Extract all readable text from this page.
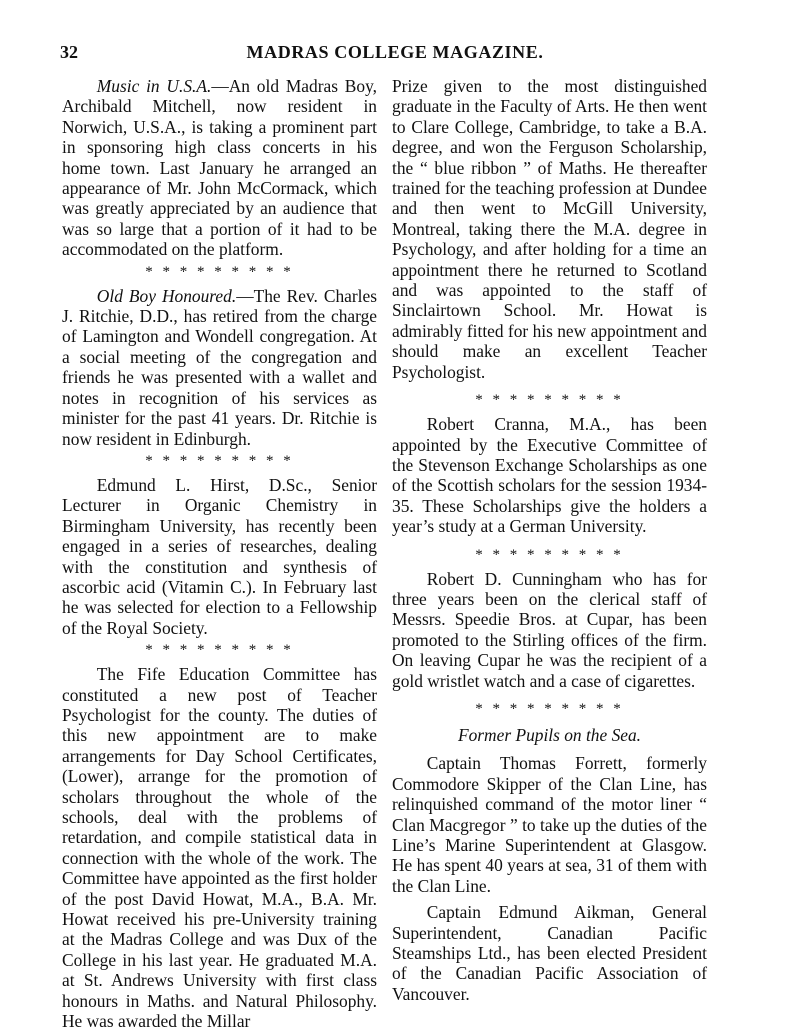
32	MADRAS COLLEGE MAGAZINE.

Music in U.S.A.—An old Madras Boy, Archibald Mitchell, now resident in Norwich, U.S.A., is taking a prominent part in sponsoring high class concerts in his home town. Last January he arranged an appearance of Mr. John McCormack, which was greatly appreciated by an audience that was so large that a portion of it had to be accommodated on the platform.

* * * * * * * * *

Old Boy Honoured.—The Rev. Charles J. Ritchie, D.D., has retired from the charge of Lamington and Wondell congregation. At a social meeting of the congregation and friends he was presented with a wallet and notes in recognition of his services as minister for the past 41 years. Dr. Ritchie is now resident in Edinburgh.

* * * * * * * * *

Edmund L. Hirst, D.Sc., Senior Lecturer in Organic Chemistry in Birmingham University, has recently been engaged in a series of researches, dealing with the constitution and synthesis of ascorbic acid (Vitamin C.). In February last he was selected for election to a Fellowship of the Royal Society.

* * * * * * * * *

The Fife Education Committee has constituted a new post of Teacher Psychologist for the county. The duties of this new appointment are to make arrangements for Day School Certificates, (Lower), arrange for the promotion of scholars throughout the whole of the schools, deal with the problems of retardation, and compile statistical data in connection with the whole of the work. The Committee have appointed as the first holder of the post David Howat, M.A., B.A. Mr. Howat received his pre-University training at the Madras College and was Dux of the College in his last year. He graduated M.A. at St. Andrews University with first class honours in Maths. and Natural Philosophy. He was awarded the Millar

Prize given to the most distinguished graduate in the Faculty of Arts. He then went to Clare College, Cambridge, to take a B.A. degree, and won the Ferguson Scholarship, the “ blue ribbon ” of Maths. He thereafter trained for the teaching profession at Dundee and then went to McGill University, Montreal, taking there the M.A. degree in Psychology, and after holding for a time an appointment there he returned to Scotland and was appointed to the staff of Sinclairtown School. Mr. Howat is admirably fitted for his new appointment and should make an excellent Teacher Psychologist.

* * * * * * * * *

Robert Cranna, M.A., has been appointed by the Executive Committee of the Stevenson Exchange Scholarships as one of the Scottish scholars for the session 1934-35. These Scholarships give the holders a year’s study at a German University.

* * * * * * * * *

Robert D. Cunningham who has for three years been on the clerical staff of Messrs. Speedie Bros. at Cupar, has been promoted to the Stirling offices of the firm. On leaving Cupar he was the recipient of a gold wristlet watch and a case of cigarettes.

* * * * * * * * *
Former Pupils on the Sea.

Captain Thomas Forrett, formerly Commodore Skipper of the Clan Line, has relinquished command of the motor liner “ Clan Macgregor ” to take up the duties of the Line’s Marine Superintendent at Glasgow. He has spent 40 years at sea, 31 of them with the Clan Line.

Captain Edmund Aikman, General Superintendent, Canadian Pacific Steamships Ltd., has been elected President of the Canadian Pacific Association of Vancouver.
